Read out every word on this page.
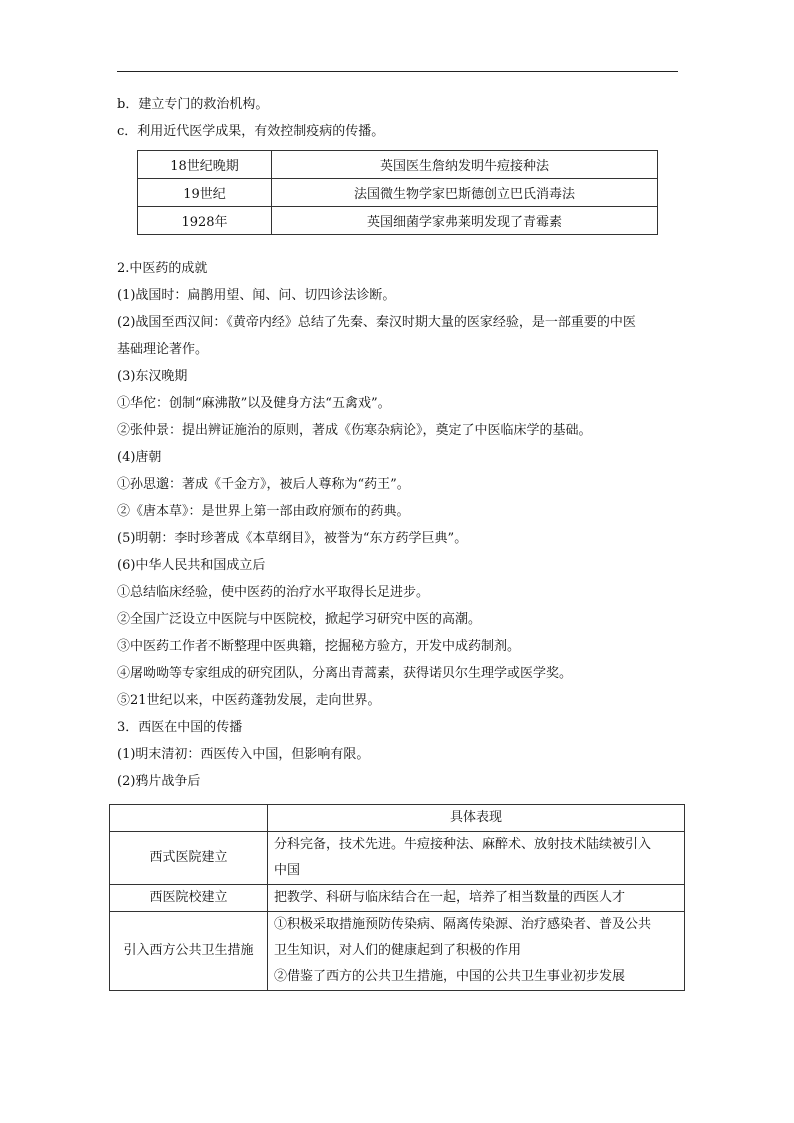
b．建立专门的救治机构。
c．利用近代医学成果，有效控制疫病的传播。
18世纪晚期	英国医生詹纳发明牛痘接种法
19世纪	法国微生物学家巴斯德创立巴氏消毒法
1928年	英国细菌学家弗莱明发现了青霉素
2.中医药的成就
(1)战国时：扁鹊用望、闻、问、切四诊法诊断。
(2)战国至西汉间：《黄帝内经》总结了先秦、秦汉时期大量的医家经验，是一部重要的中医
基础理论著作。
(3)东汉晚期
①华佗：创制“麻沸散”以及健身方法“五禽戏”。
②张仲景：提出辨证施治的原则，著成《伤寒杂病论》，奠定了中医临床学的基础。
(4)唐朝
①孙思邈：著成《千金方》，被后人尊称为“药王”。
②《唐本草》：是世界上第一部由政府颁布的药典。
(5)明朝：李时珍著成《本草纲目》，被誉为“东方药学巨典”。
(6)中华人民共和国成立后
①总结临床经验，使中医药的治疗水平取得长足进步。
②全国广泛设立中医院与中医院校，掀起学习研究中医的高潮。
③中医药工作者不断整理中医典籍，挖掘秘方验方，开发中成药制剂。
④屠呦呦等专家组成的研究团队，分离出青蒿素，获得诺贝尔生理学或医学奖。
⑤21世纪以来，中医药蓬勃发展，走向世界。
3．西医在中国的传播
(1)明末清初：西医传入中国，但影响有限。
(2)鸦片战争后
	具体表现
西式医院建立	分科完备，技术先进。牛痘接种法、麻醉术、放射技术陆续被引入
中国

西医院校建立	把教学、科研与临床结合在一起，培养了相当数量的西医人才

引入西方公共卫生措施	①积极采取措施预防传染病、隔离传染源、治疗感染者、普及公共
卫生知识，对人们的健康起到了积极的作用
②借鉴了西方的公共卫生措施，中国的公共卫生事业初步发展
